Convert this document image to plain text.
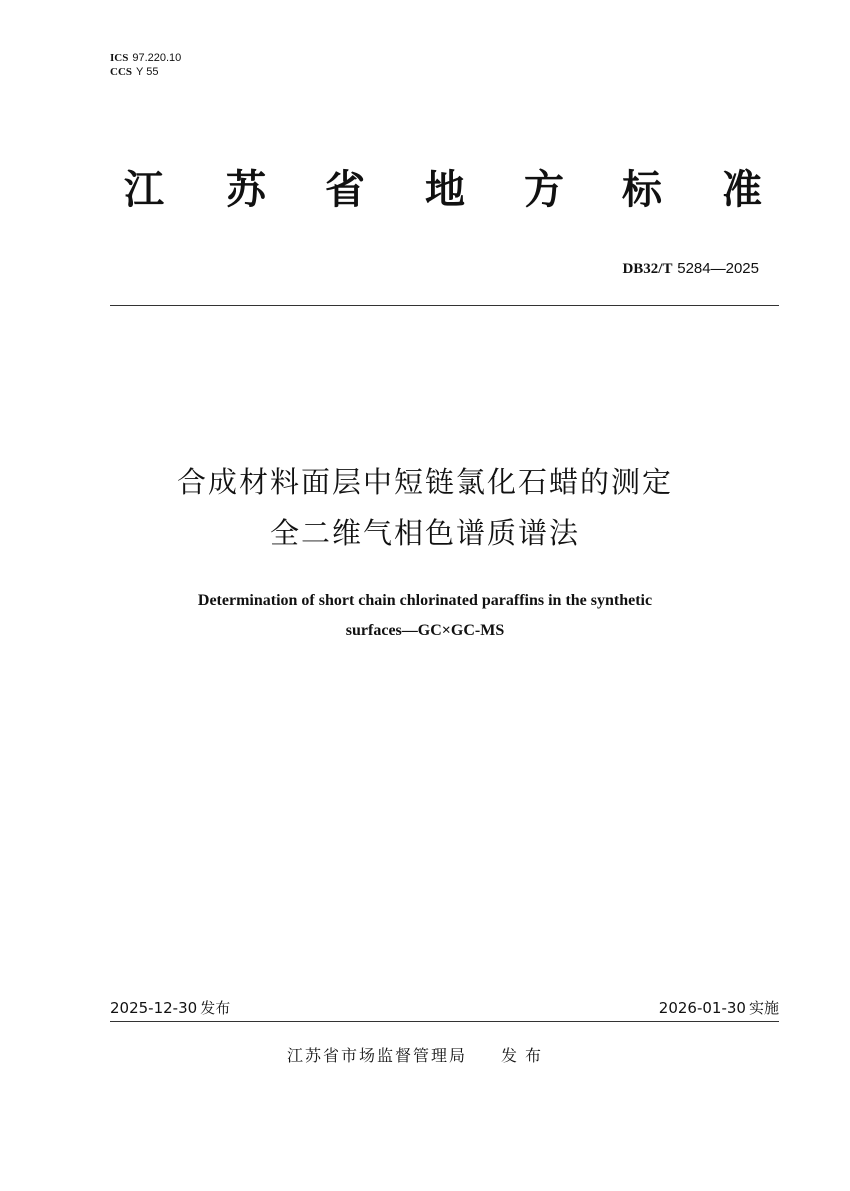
ICS 97.220.10
CCS Y 55
江 苏 省 地 方 标 准
DB32/T 5284—2025
合成材料面层中短链氯化石蜡的测定
全二维气相色谱质谱法
Determination of short chain chlorinated paraffins in the synthetic
surfaces—GC×GC-MS
2025-12-30 发布	2026-01-30 实施
江苏省市场监督管理局 发布
